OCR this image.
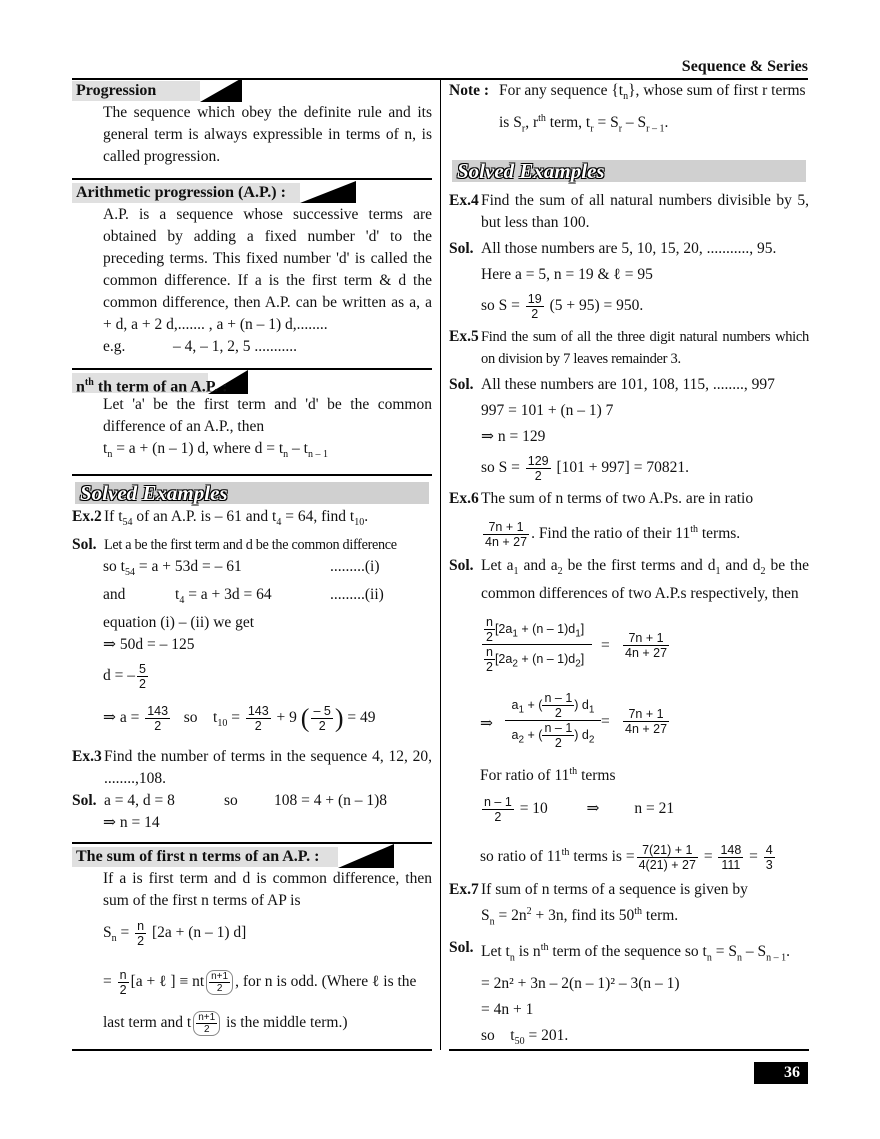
Sequence & Series
Progression

The sequence which obey the definite rule and its general term is always expressible in terms of n, is called progression.

Arithmetic progression (A.P.) :

A.P. is a sequence whose successive terms are obtained by adding a fixed number 'd' to the preceding terms. This fixed number 'd' is called the common difference. If a is the first term & d the common difference, then A.P. can be written as a, a + d, a + 2 d,....... , a + (n – 1) d,........

e.g.	– 4, – 1, 2, 5 ...........

$n^{th}$ th term of an A.P. :

Let 'a' be the first term and 'd' be the common difference of an A.P., then

$t_n = a + (n - 1)$ d, where $d = t_n - t_{n - 1}$

Solved Examples
Ex.2 If $t_{54}$ of an A.P. is – 61 and $t_4 = 64$, find $t_{10}$.
Sol. Let a be the first term and d be the common difference

so $t_{54} = a + 53d$ = – 61	.........(i)

and	$t_4 = a + 3d = 64$	.........(ii)

equation (i) – (ii) we get

⇒ 50d = – 125

d = – $\frac{5}{2}$

⇒ $a = \frac{143}{2}$ so    $t_{10} = \frac{143}{2} + 9$ ( $\frac{- 5}{2}$ ) = 49

Ex.3 Find the number of terms in the sequence 4, 12, 20, ........,108.
Sol. a = 4, d = 8	so 108 = 4 + (n – 1)8

⇒ n = 14

The sum of first n terms of an A.P. :

If a is first term and d is common difference, then sum of the first n terms of AP is

$S_n = \frac{n}{2} [2a + (n - 1)$ d]

= $\frac{n}{2} [a$ + ℓ ] ≡ nt $\frac{n+1}{2}$ , for n is odd. (Where ℓ is the

last term and t $\frac{n+1}{2}$ is the middle term.)

Note : For any sequence $\{t_n\}$, whose sum of first r terms
is $S_r$, $r^{th}$ term, $t_r = S_r - S_{r - 1}$.
Solved Examples
Ex.4 Find the sum of all natural numbers divisible by 5, but less than 100.
Sol. All those numbers are 5, 10, 15, 20, ..........., 95.

Here a = 5, n = 19 & ℓ = 95
so $S = \frac{19}{2} (5 + 95) = 950$.
Ex.5 Find the sum of all the three digit natural numbers which on division by 7 leaves remainder 3.
Sol. All these numbers are 101, 108, 115, ........, 997
997 = 101 + (n – 1) 7
⇒ n = 129
so $S = \frac{129}{2} [101 + 997] = 70821$.
Ex.6 The sum of n terms of two A.Ps. are in ratio
$\frac{7n + 1}{4n + 27}$ . Find the ratio of their 11th terms.
Sol. Let $a_1$ and $a_2$ be the first terms and $d_1$ and $d_2$ be the common differences of two A.P.s respectively, then
$\frac{n}{2} [2a_1 + (n - 1)d_1]$
$\frac{n}{2} [2a_2 + (n - 1)d_2]$
=	7n + 1
4n + 27
⇒
$a_1$ + ( $\frac{n - 1}{2}$ ) $d_1$
$a_2$ + ( $\frac{n - 1}{2}$ ) $d_2$
=	7n + 1
4n + 27

For ratio of 11th terms

$\frac{n - 1}{2} = 10$          ⇒         n = 21

so ratio of 11th terms is = $\frac{7(21) + 1}{4(21) + 27} = \frac{148}{111} = \frac{4}{3}$

Ex.7 If sum of n terms of a sequence is given by
$S_n = 2n^2 + 3n$, find its 50th term.
Sol. Let $t_n$ is $n^{th}$ term of the sequence so $t_n = S_n - S_{n - 1}$.
= 2n² + 3n – 2(n – 1)² – 3(n – 1)
= 4n + 1
so    $t_{50} = 201$.
36
